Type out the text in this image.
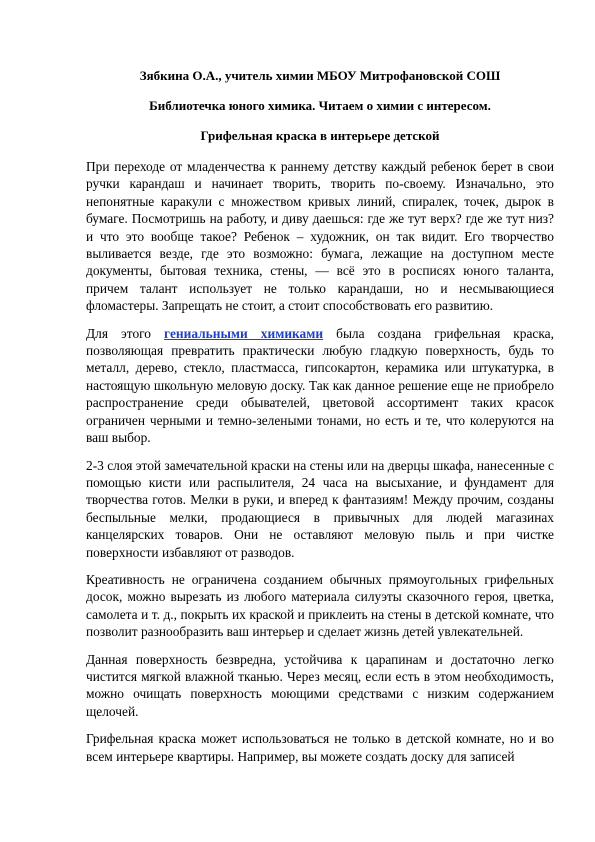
Зябкина О.А., учитель химии МБОУ Митрофановской СОШ
Библиотечка юного химика. Читаем о химии с интересом.
Грифельная краска в интерьере детской

При переходе от младенчества к раннему детству каждый ребенок берет в свои ручки карандаш и начинает творить, творить по-своему. Изначально, это непонятные каракули с множеством кривых линий, спиралек, точек, дырок в бумаге. Посмотришь на работу, и диву даешься: где же тут верх? где же тут низ? и что это вообще такое? Ребенок – художник, он так видит. Его творчество выливается везде, где это возможно: бумага, лежащие на доступном месте документы, бытовая техника, стены, — всё это в росписях юного таланта, причем талант использует не только карандаши, но и несмывающиеся фломастеры. Запрещать не стоит, а стоит способствовать его развитию.

Для этого гениальными химиками была создана грифельная краска, позволяющая превратить практически любую гладкую поверхность, будь то металл, дерево, стекло, пластмасса, гипсокартон, керамика или штукатурка, в настоящую школьную меловую доску. Так как данное решение еще не приобрело распространение среди обывателей, цветовой ассортимент таких красок ограничен черными и темно-зелеными тонами, но есть и те, что колеруются на ваш выбор.

2-3 слоя этой замечательной краски на стены или на дверцы шкафа, нанесенные с помощью кисти или распылителя, 24 часа на высыхание, и фундамент для творчества готов. Мелки в руки, и вперед к фантазиям! Между прочим, созданы беспыльные мелки, продающиеся в привычных для людей магазинах канцелярских товаров. Они не оставляют меловую пыль и при чистке поверхности избавляют от разводов.

Креативность не ограничена созданием обычных прямоугольных грифельных досок, можно вырезать из любого материала силуэты сказочного героя, цветка, самолета и т. д., покрыть их краской и приклеить на стены в детской комнате, что позволит разнообразить ваш интерьер и сделает жизнь детей увлекательней.

Данная поверхность безвредна, устойчива к царапинам и достаточно легко чистится мягкой влажной тканью. Через месяц, если есть в этом необходимость, можно очищать поверхность моющими средствами с низким содержанием щелочей.

Грифельная краска может использоваться не только в детской комнате, но и во всем интерьере квартиры. Например, вы можете создать доску для записей
